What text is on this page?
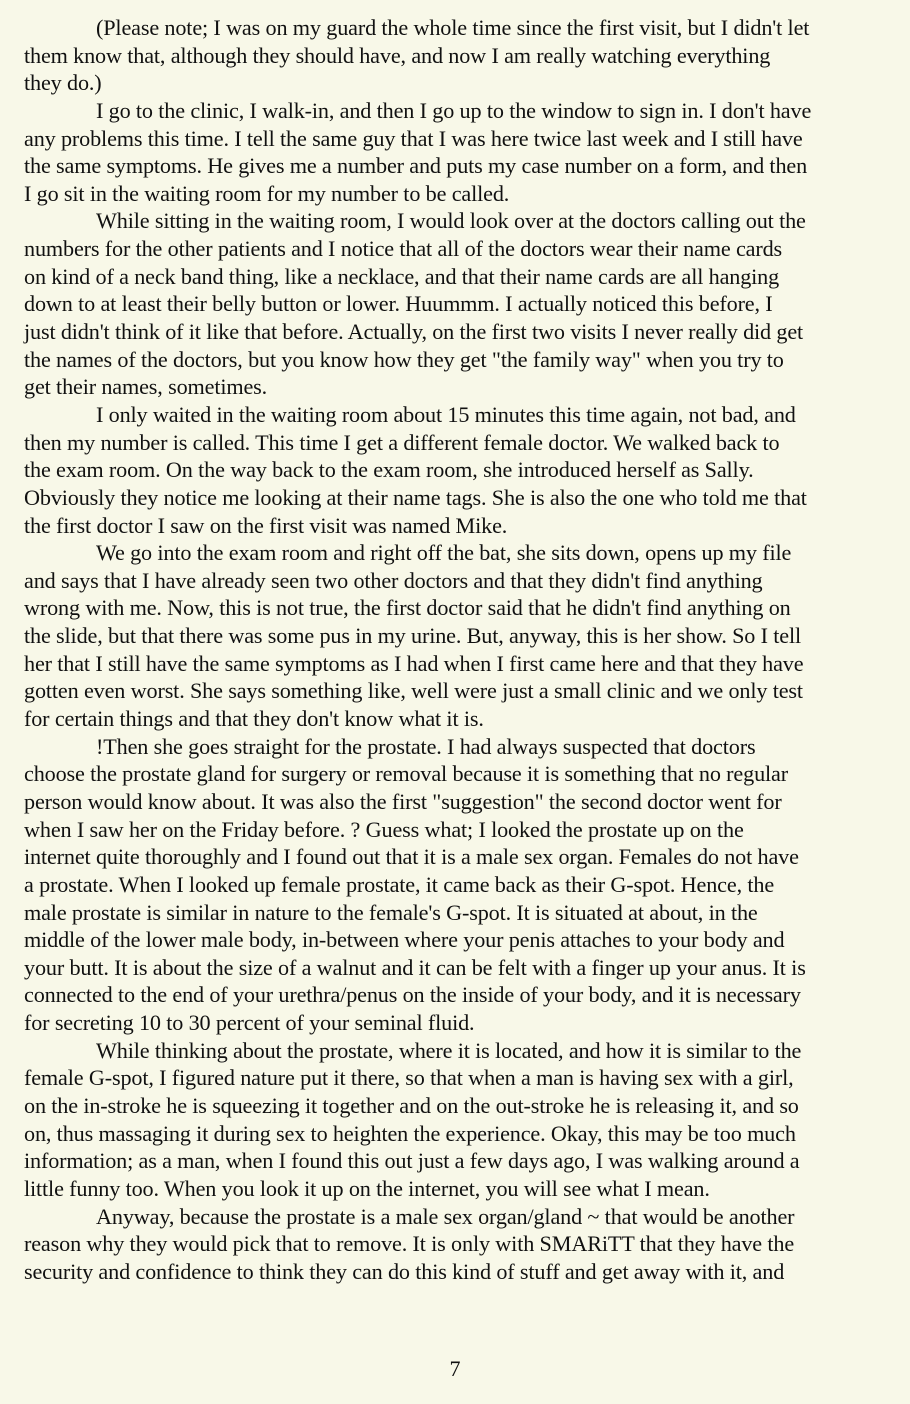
(Please note; I was on my guard the whole time since the first visit, but I didn't let
them know that, although they should have, and now I am really watching everything
they do.)
I go to the clinic, I walk-in, and then I go up to the window to sign in. I don't have
any problems this time. I tell the same guy that I was here twice last week and I still have
the same symptoms. He gives me a number and puts my case number on a form, and then
I go sit in the waiting room for my number to be called.
While sitting in the waiting room, I would look over at the doctors calling out the
numbers for the other patients and I notice that all of the doctors wear their name cards
on kind of a neck band thing, like a necklace, and that their name cards are all hanging
down to at least their belly button or lower. Huummm. I actually noticed this before, I
just didn't think of it like that before. Actually, on the first two visits I never really did get
the names of the doctors, but you know how they get "the family way" when you try to
get their names, sometimes.
I only waited in the waiting room about 15 minutes this time again, not bad, and
then my number is called. This time I get a different female doctor. We walked back to
the exam room. On the way back to the exam room, she introduced herself as Sally.
Obviously they notice me looking at their name tags. She is also the one who told me that
the first doctor I saw on the first visit was named Mike.
We go into the exam room and right off the bat, she sits down, opens up my file
and says that I have already seen two other doctors and that they didn't find anything
wrong with me. Now, this is not true, the first doctor said that he didn't find anything on
the slide, but that there was some pus in my urine. But, anyway, this is her show. So I tell
her that I still have the same symptoms as I had when I first came here and that they have
gotten even worst. She says something like, well were just a small clinic and we only test
for certain things and that they don't know what it is.
!Then she goes straight for the prostate. I had always suspected that doctors
choose the prostate gland for surgery or removal because it is something that no regular
person would know about. It was also the first "suggestion" the second doctor went for
when I saw her on the Friday before. ? Guess what; I looked the prostate up on the
internet quite thoroughly and I found out that it is a male sex organ. Females do not have
a prostate. When I looked up female prostate, it came back as their G-spot. Hence, the
male prostate is similar in nature to the female's G-spot. It is situated at about, in the
middle of the lower male body, in-between where your penis attaches to your body and
your butt. It is about the size of a walnut and it can be felt with a finger up your anus. It is
connected to the end of your urethra/penus on the inside of your body, and it is necessary
for secreting 10 to 30 percent of your seminal fluid.
While thinking about the prostate, where it is located, and how it is similar to the
female G-spot, I figured nature put it there, so that when a man is having sex with a girl,
on the in-stroke he is squeezing it together and on the out-stroke he is releasing it, and so
on, thus massaging it during sex to heighten the experience. Okay, this may be too much
information; as a man, when I found this out just a few days ago, I was walking around a
little funny too. When you look it up on the internet, you will see what I mean.
Anyway, because the prostate is a male sex organ/gland ~ that would be another
reason why they would pick that to remove. It is only with SMARiTT that they have the
security and confidence to think they can do this kind of stuff and get away with it, and
7
